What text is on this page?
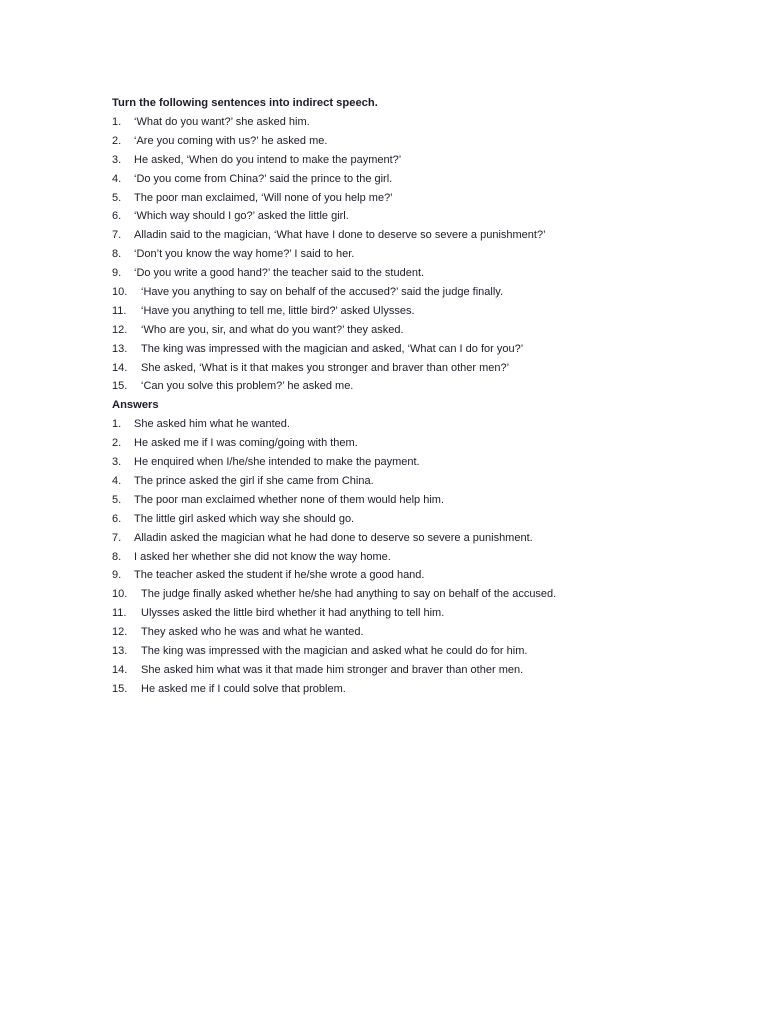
Turn the following sentences into indirect speech.
1.	‘What do you want?’ she asked him.
2.	‘Are you coming with us?’ he asked me.
3.	He asked, ‘When do you intend to make the payment?’
4.	‘Do you come from China?’ said the prince to the girl.
5.	The poor man exclaimed, ‘Will none of you help me?’
6.	‘Which way should I go?’ asked the little girl.
7.	Alladin said to the magician, ‘What have I done to deserve so severe a punishment?’
8.	‘Don’t you know the way home?’ I said to her.
9.	‘Do you write a good hand?’ the teacher said to the student.
10.	‘Have you anything to say on behalf of the accused?’ said the judge finally.
11.	‘Have you anything to tell me, little bird?’ asked Ulysses.
12.	‘Who are you, sir, and what do you want?’ they asked.
13.	The king was impressed with the magician and asked, ‘What can I do for you?’
14.	She asked, ‘What is it that makes you stronger and braver than other men?’
15.	‘Can you solve this problem?’ he asked me.
Answers
1.	She asked him what he wanted.
2.	He asked me if I was coming/going with them.
3.	He enquired when I/he/she intended to make the payment.
4.	The prince asked the girl if she came from China.
5.	The poor man exclaimed whether none of them would help him.
6.	The little girl asked which way she should go.
7.	Alladin asked the magician what he had done to deserve so severe a punishment.
8.	I asked her whether she did not know the way home.
9.	The teacher asked the student if he/she wrote a good hand.
10.	The judge finally asked whether he/she had anything to say on behalf of the accused.
11.	Ulysses asked the little bird whether it had anything to tell him.
12.	They asked who he was and what he wanted.
13.	The king was impressed with the magician and asked what he could do for him.
14.	She asked him what was it that made him stronger and braver than other men.
15.	He asked me if I could solve that problem.
